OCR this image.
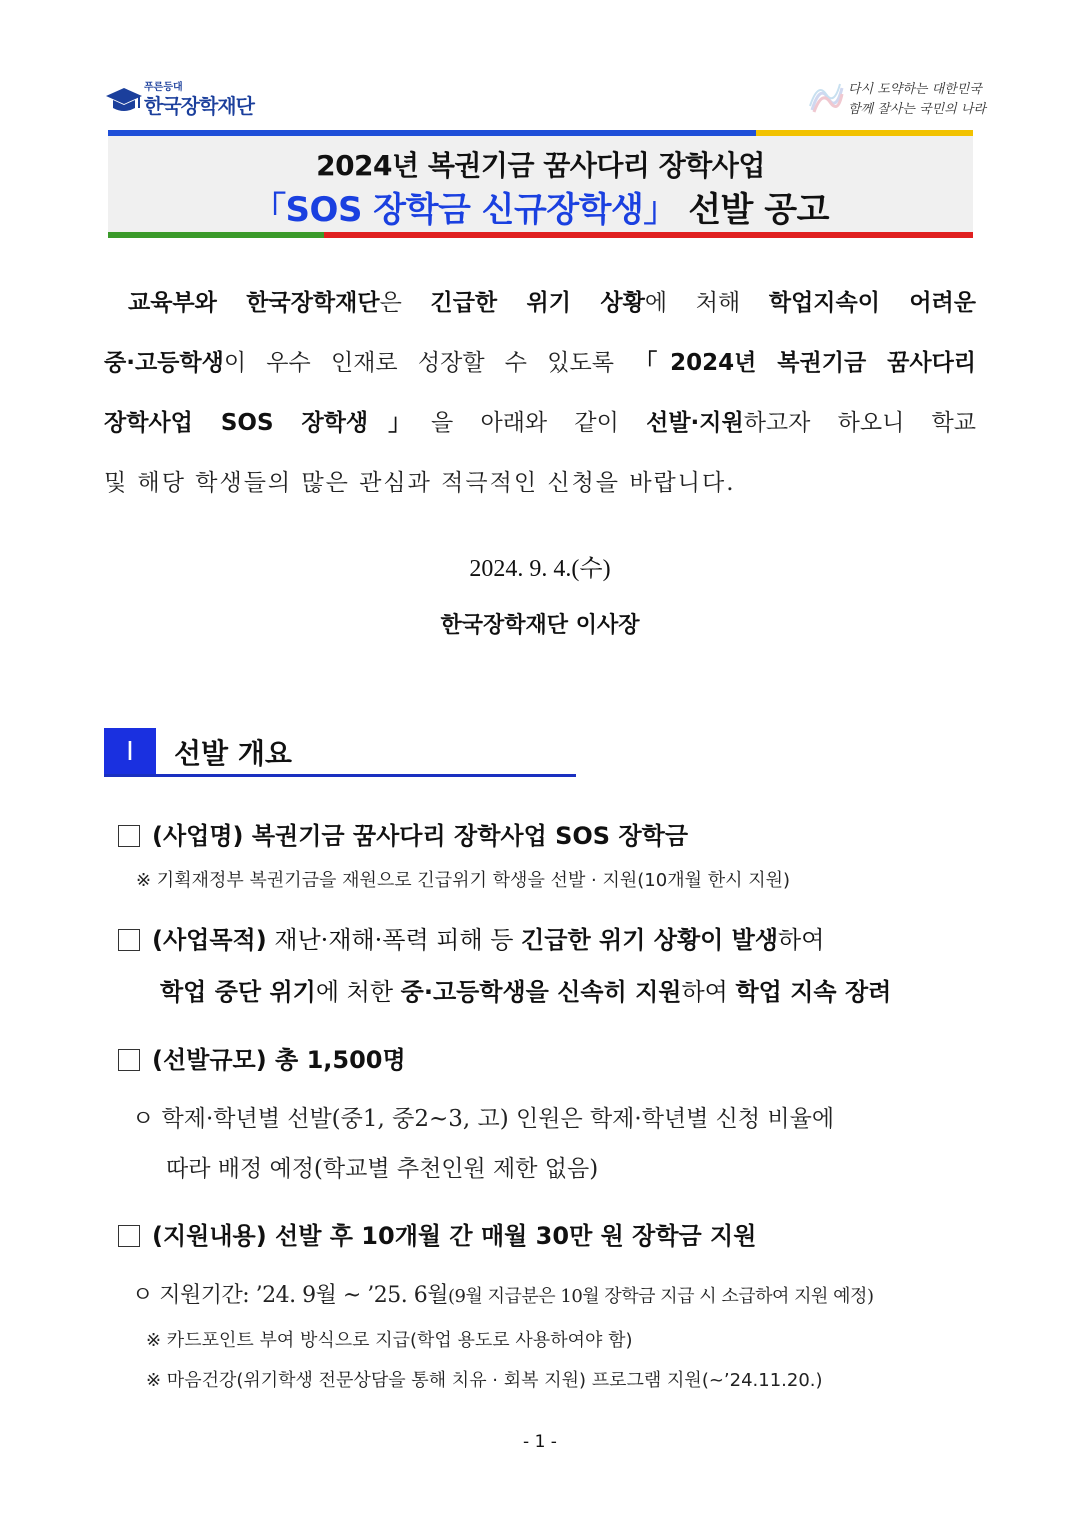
푸른등대
한국장학재단
다시 도약하는 대한민국
함께 잘사는 국민의 나라
2024년 복권기금 꿈사다리 장학사업
「SOS 장학금 신규장학생」 선발 공고
교육부와 한국장학재단은 긴급한 위기 상황에 처해 학업지속이 어려운
중·고등학생이 우수 인재로 성장할 수 있도록 「2024년 복권기금 꿈사다리
장학사업 SOS 장학생」을 아래와 같이 선발·지원하고자 하오니 학교
및 해당 학생들의 많은 관심과 적극적인 신청을 바랍니다.
2024. 9. 4.(수)
한국장학재단 이사장
Ⅰ	선발 개요
(사업명) 복권기금 꿈사다리 장학사업 SOS 장학금
※ 기획재정부 복권기금을 재원으로 긴급위기 학생을 선발 · 지원(10개월 한시 지원)
(사업목적) 재난·재해·폭력 피해 등 긴급한 위기 상황이 발생하여
학업 중단 위기에 처한 중·고등학생을 신속히 지원하여 학업 지속 장려
(선발규모) 총 1,500명
ㅇ 학제·학년별 선발(중1, 중2~3, 고) 인원은 학제·학년별 신청 비율에
따라 배정 예정(학교별 추천인원 제한 없음)
(지원내용) 선발 후 10개월 간 매월 30만 원 장학금 지원
ㅇ 지원기간: ’24. 9월 ~ ’25. 6월(9월 지급분은 10월 장학금 지급 시 소급하여 지원 예정)
※ 카드포인트 부여 방식으로 지급(학업 용도로 사용하여야 함)
※ 마음건강(위기학생 전문상담을 통해 치유 · 회복 지원) 프로그램 지원(~’24.11.20.)
- 1 -
